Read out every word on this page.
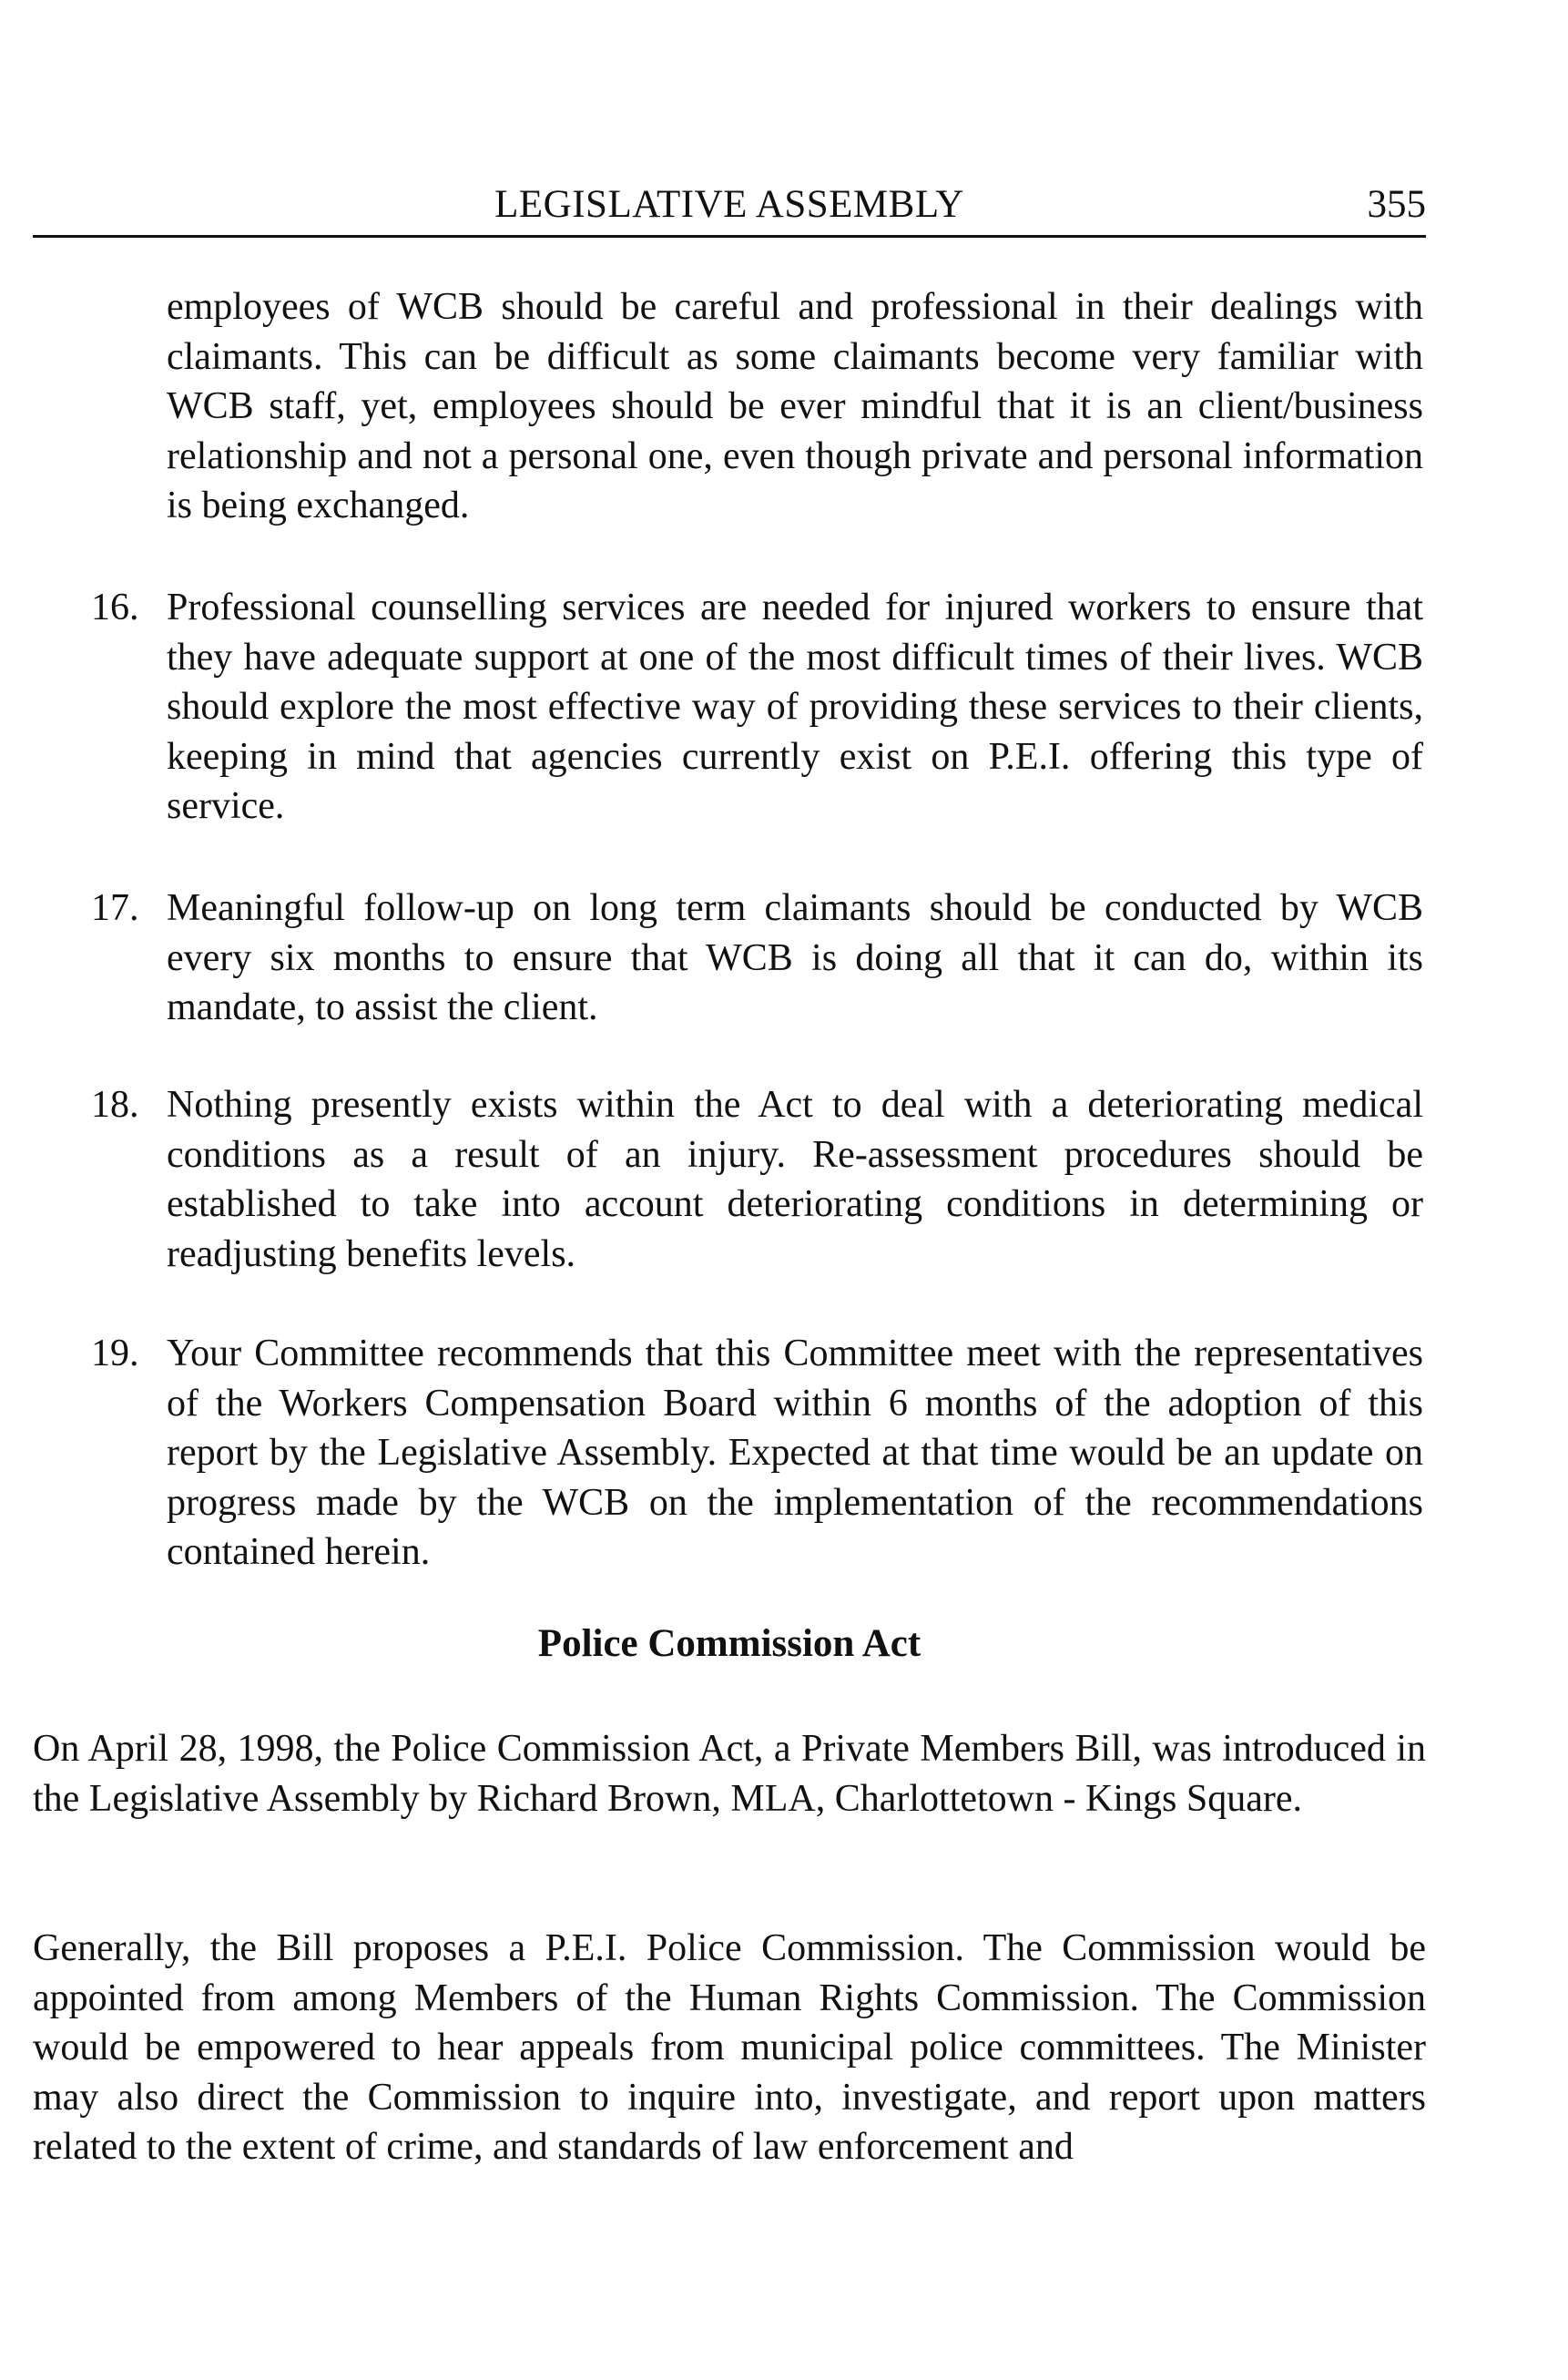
LEGISLATIVE ASSEMBLY	355

employees of WCB should be careful and professional in their dealings with claimants. This can be difficult as some claimants become very familiar with WCB staff, yet, employees should be ever mindful that it is an client/business relationship and not a personal one, even though private and personal information is being exchanged.

16. Professional counselling services are needed for injured workers to ensure that they have adequate support at one of the most difficult times of their lives. WCB should explore the most effective way of providing these services to their clients, keeping in mind that agencies currently exist on P.E.I. offering this type of service.

17. Meaningful follow-up on long term claimants should be conducted by WCB every six months to ensure that WCB is doing all that it can do, within its mandate, to assist the client.

18. Nothing presently exists within the Act to deal with a deteriorating medical conditions as a result of an injury. Re-assessment procedures should be established to take into account deteriorating conditions in determining or readjusting benefits levels.

19. Your Committee recommends that this Committee meet with the representatives of the Workers Compensation Board within 6 months of the adoption of this report by the Legislative Assembly. Expected at that time would be an update on progress made by the WCB on the implementation of the recommendations contained herein.

Police Commission Act

On April 28, 1998, the Police Commission Act, a Private Members Bill, was introduced in the Legislative Assembly by Richard Brown, MLA, Charlottetown - Kings Square.

Generally, the Bill proposes a P.E.I. Police Commission. The Commission would be appointed from among Members of the Human Rights Commission. The Commission would be empowered to hear appeals from municipal police committees. The Minister may also direct the Commission to inquire into, investigate, and report upon matters related to the extent of crime, and standards of law enforcement and
